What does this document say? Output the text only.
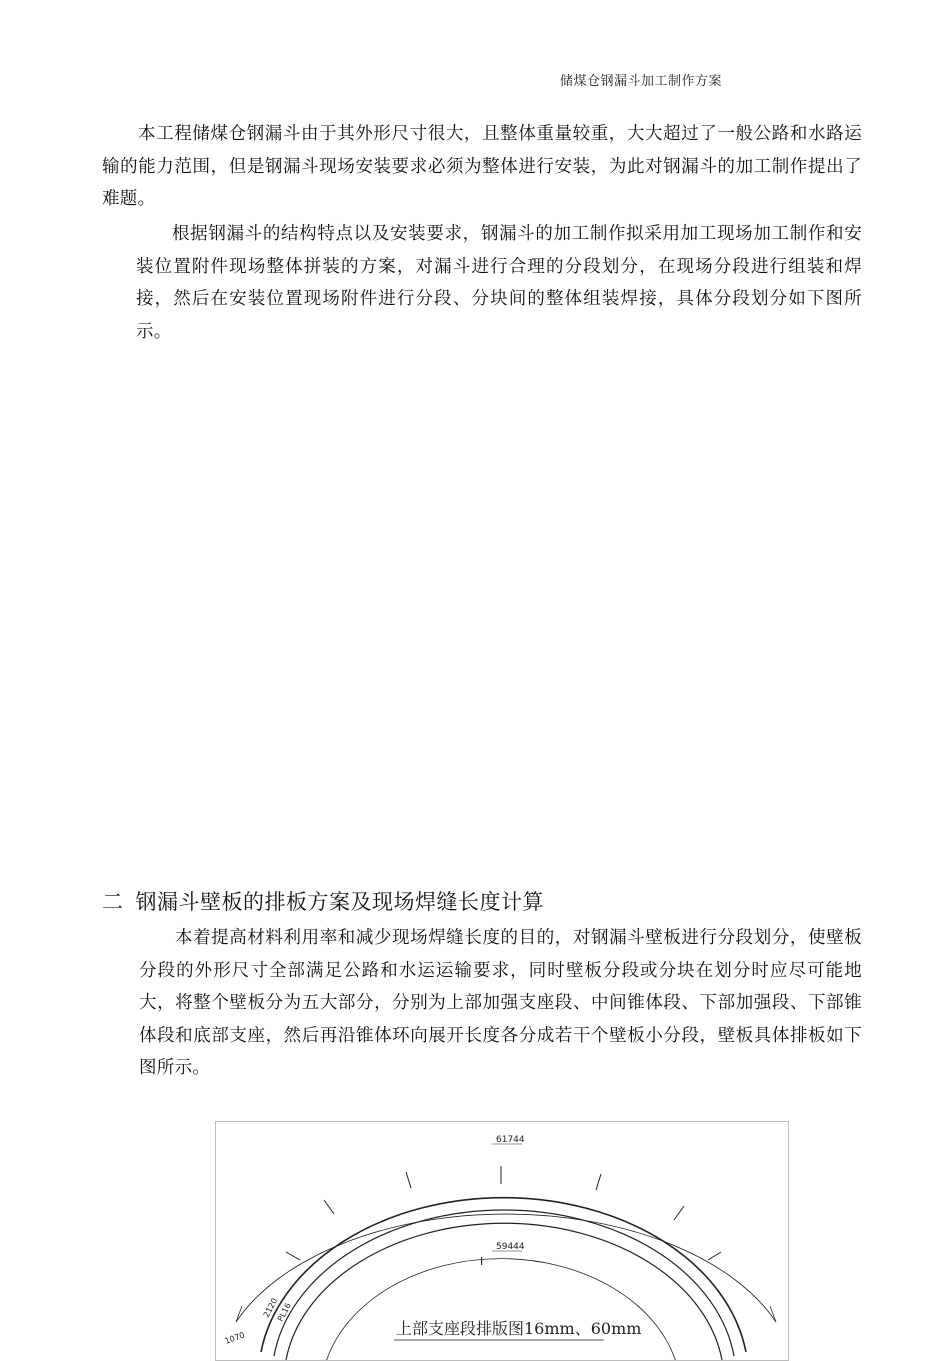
储煤仓钢漏斗加工制作方案

本工程储煤仓钢漏斗由于其外形尺寸很大，且整体重量较重，大大超过了一般公路和水路运输的能力范围，但是钢漏斗现场安装要求必须为整体进行安装，为此对钢漏斗的加工制作提出了难题。

根据钢漏斗的结构特点以及安装要求，钢漏斗的加工制作拟采用加工现场加工制作和安装位置附件现场整体拼装的方案，对漏斗进行合理的分段划分，在现场分段进行组装和焊接，然后在安装位置现场附件进行分段、分块间的整体组装焊接，具体分段划分如下图所示。

二 钢漏斗壁板的排板方案及现场焊缝长度计算

本着提高材料利用率和减少现场焊缝长度的目的，对钢漏斗壁板进行分段划分，使壁板分段的外形尺寸全部满足公路和水运运输要求，同时壁板分段或分块在划分时应尽可能地大，将整个壁板分为五大部分，分别为上部加强支座段、中间锥体段、下部加强段、下部锥体段和底部支座，然后再沿锥体环向展开长度各分成若干个壁板小分段，壁板具体排板如下图所示。

61744
59444
I
PL16
2120
1070
上部支座段排版图16mm、60mm
